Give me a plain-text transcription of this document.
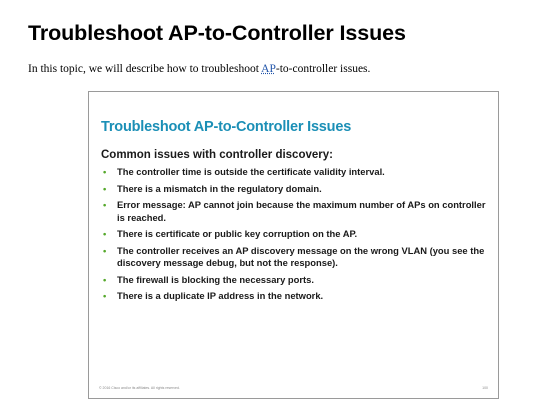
Troubleshoot AP-to-Controller Issues

In this topic, we will describe how to troubleshoot AP-to-controller issues.

Troubleshoot AP-to-Controller Issues

Common issues with controller discovery:

• The controller time is outside the certificate validity interval.
• There is a mismatch in the regulatory domain.
• Error message: AP cannot join because the maximum number of APs on controller is reached.
• There is certificate or public key corruption on the AP.
• The controller receives an AP discovery message on the wrong VLAN (you see the discovery message debug, but not the response).
• The firewall is blocking the necessary ports.
• There is a duplicate IP address in the network.
© 2016 Cisco and/or its affiliates. All rights reserved.	100
